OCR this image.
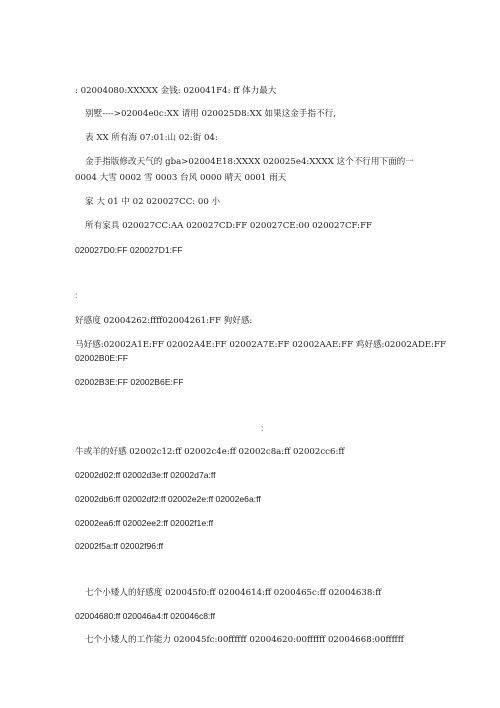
: 02004080:XXXXX 金钱: 020041F4: ff 体力最大
别墅---->02004e0c:XX 请用 020025D8:XX 如果这金手指不行,
表 XX 所有海 07:01:山 02:街 04:
金手指版修改天气的 gba>02004E18:XXXX 020025e4:XXXX 这个不行用下面的一
0004 大雪 0002 雪 0003 台风 0000 晴天 0001 雨天
家 大 01 中 02 020027CC: 00 小
所有家具 020027CC:AA 020027CD:FF 020027CE:00 020027CF:FF
020027D0:FF 020027D1:FF
:
好感度 02004262:ffff02004261:FF 狗好感:
马好感:02002A1E:FF 02002A4E:FF 02002A7E:FF 02002AAE:FF 鸡好感:02002ADE:FF
02002B0E:FF
02002B3E:FF 02002B6E:FF
:
牛或羊的好感 02002c12:ff 02002c4e:ff 02002c8a:ff 02002cc6:ff
02002d02:ff 02002d3e:ff 02002d7a:ff
02002db6:ff 02002df2:ff 02002e2e:ff 02002e6a:ff
02002ea6:ff 02002ee2:ff 02002f1e:ff
02002f5a:ff 02002f96:ff
七个小矮人的好感度 020045f0:ff 02004614:ff 0200465c:ff 02004638:ff
02004680:ff 020046a4:ff 020046c8:ff
七个小矮人的工作能力 020045fc:00ffffff 02004620:00ffffff 02004668:00ffffff
